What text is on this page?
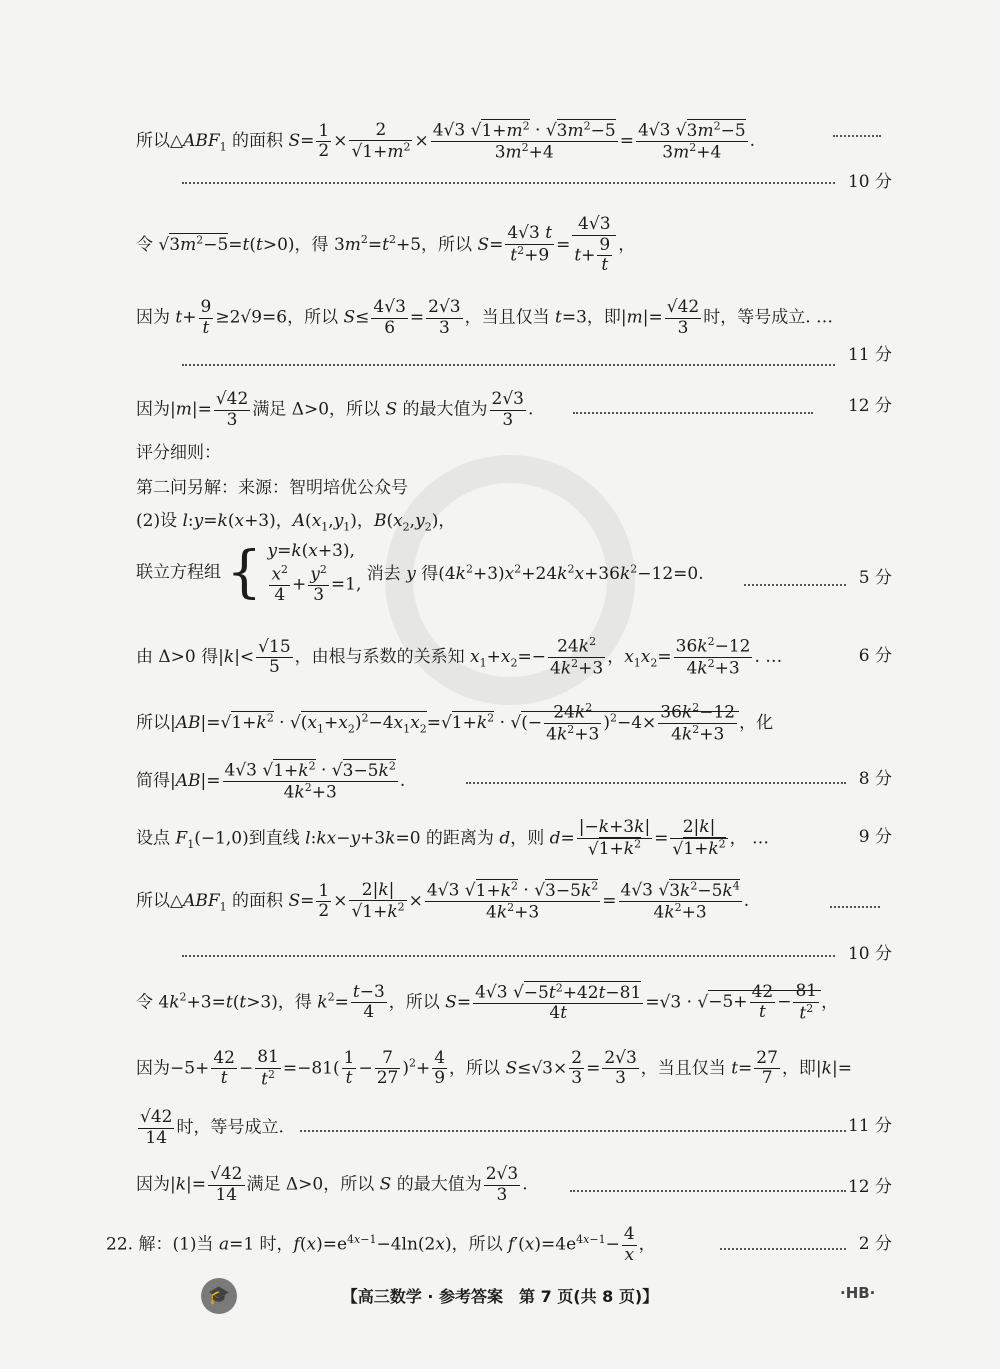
所以$\triangle ABF_1$ 的面积 $S= \frac{1}{2} \times \frac{2}{√1+m^2} \times \frac{4√3 √1+m^2 \cdot √3m^2-5}{3m^2+4} = \frac{4√3 √3m^2-5}{3m^2+4}$ .
10 分
令 $√3m^2-5=t(t>0)$，得 $3m^2=t^2+5$，所以 $S= \frac{4√3 t}{t^2+9} = \frac{4√3}{t+ \frac{9}{t}}$ ，
因为 $t+ \frac{9}{t} \ge 2√9=6$，所以 $S\le \frac{4√3}{6} = \frac{2√3}{3}$ ，当且仅当 t=3，即$|m|= \frac{√42}{3}$ 时，等号成立. …
11 分
因为$|m|= \frac{√42}{3}$ 满足 Δ>0，所以 S 的最大值为 $\frac{2√3}{3}$ .	12 分
评分细则：
第二问另解：来源：智明培优公众号
(2)设 l:y=k(x+3)，$A(x_1,y_1)$，$B(x_2,y_2)$，
联立方程组 { y=k(x+3),
$\frac{x^2}{4} + \frac{y^2}{3} =1$,
消去 y 得$(4k^2+3)x^2+24k^2x+36k^2-12=0$.	5 分
由 Δ>0 得$|k|< \frac{√15}{5}$ ，由根与系数的关系知 $x_1+x_2=- \frac{24k^2}{4k^2+3}$ ，$x_1x_2= \frac{36k^2-12}{4k^2+3}$ . …	6 分
所以$|AB|=√1+k^2 \cdot √(x_1+x_2)^2-4x_1x_2=√1+k^2$ · √(− $\frac{24k^2}{4k^2+3} )^2-4\times \frac{36k^2-12}{4k^2+3}$ ，化
简得$|AB|= \frac{4√3 √1+k^2 \cdot √3-5k^2}{4k^2+3}$ .	8 分
设点 $F_1(-1,0)$到直线 l:kx−y+3k=0 的距离为 d，则 $d= \frac{|-k+3k|}{√1+k^2} = \frac{2|k|}{√1+k^2}$ ， …	9 分
所以$\triangle ABF_1$ 的面积 $S= \frac{1}{2} \times \frac{2|k|}{√1+k^2} \times \frac{4√3 √1+k^2 \cdot √3-5k^2}{4k^2+3} = \frac{4√3 √3k^2-5k^4}{4k^2+3}$ .
10 分
令 $4k^2+3=t(t>3)$，得 $k^2= \frac{t-3}{4}$ ，所以 $S= \frac{4√3 √-5t^2+42t-81}{4t} =√3 \cdot √-5+ \frac{42}{t} - \frac{81}{t^2}$ ，
因为$-5+ \frac{42}{t} - \frac{81}{t^2} =-81( \frac{1}{t} - \frac{7}{27} )^2+ \frac{4}{9}$ ，所以 $S\le√3\times \frac{2}{3} = \frac{2√3}{3}$ ，当且仅当 $t= \frac{27}{7}$ ，即|k|=
$\frac{√42}{14}$ 时，等号成立.	11 分
因为$|k|= \frac{√42}{14}$ 满足 Δ>0，所以 S 的最大值为 $\frac{2√3}{3}$ .	12 分
22. 解：(1)当 a=1 时，$f(x)=e^{4x-1}-4\ln(2x)$，所以 $f'(x)=4e^{4x-1}- \frac{4}{x}$ ，	2 分
🎓	【高三数学 · 参考答案　第 7 页(共 8 页)】	·HB·
